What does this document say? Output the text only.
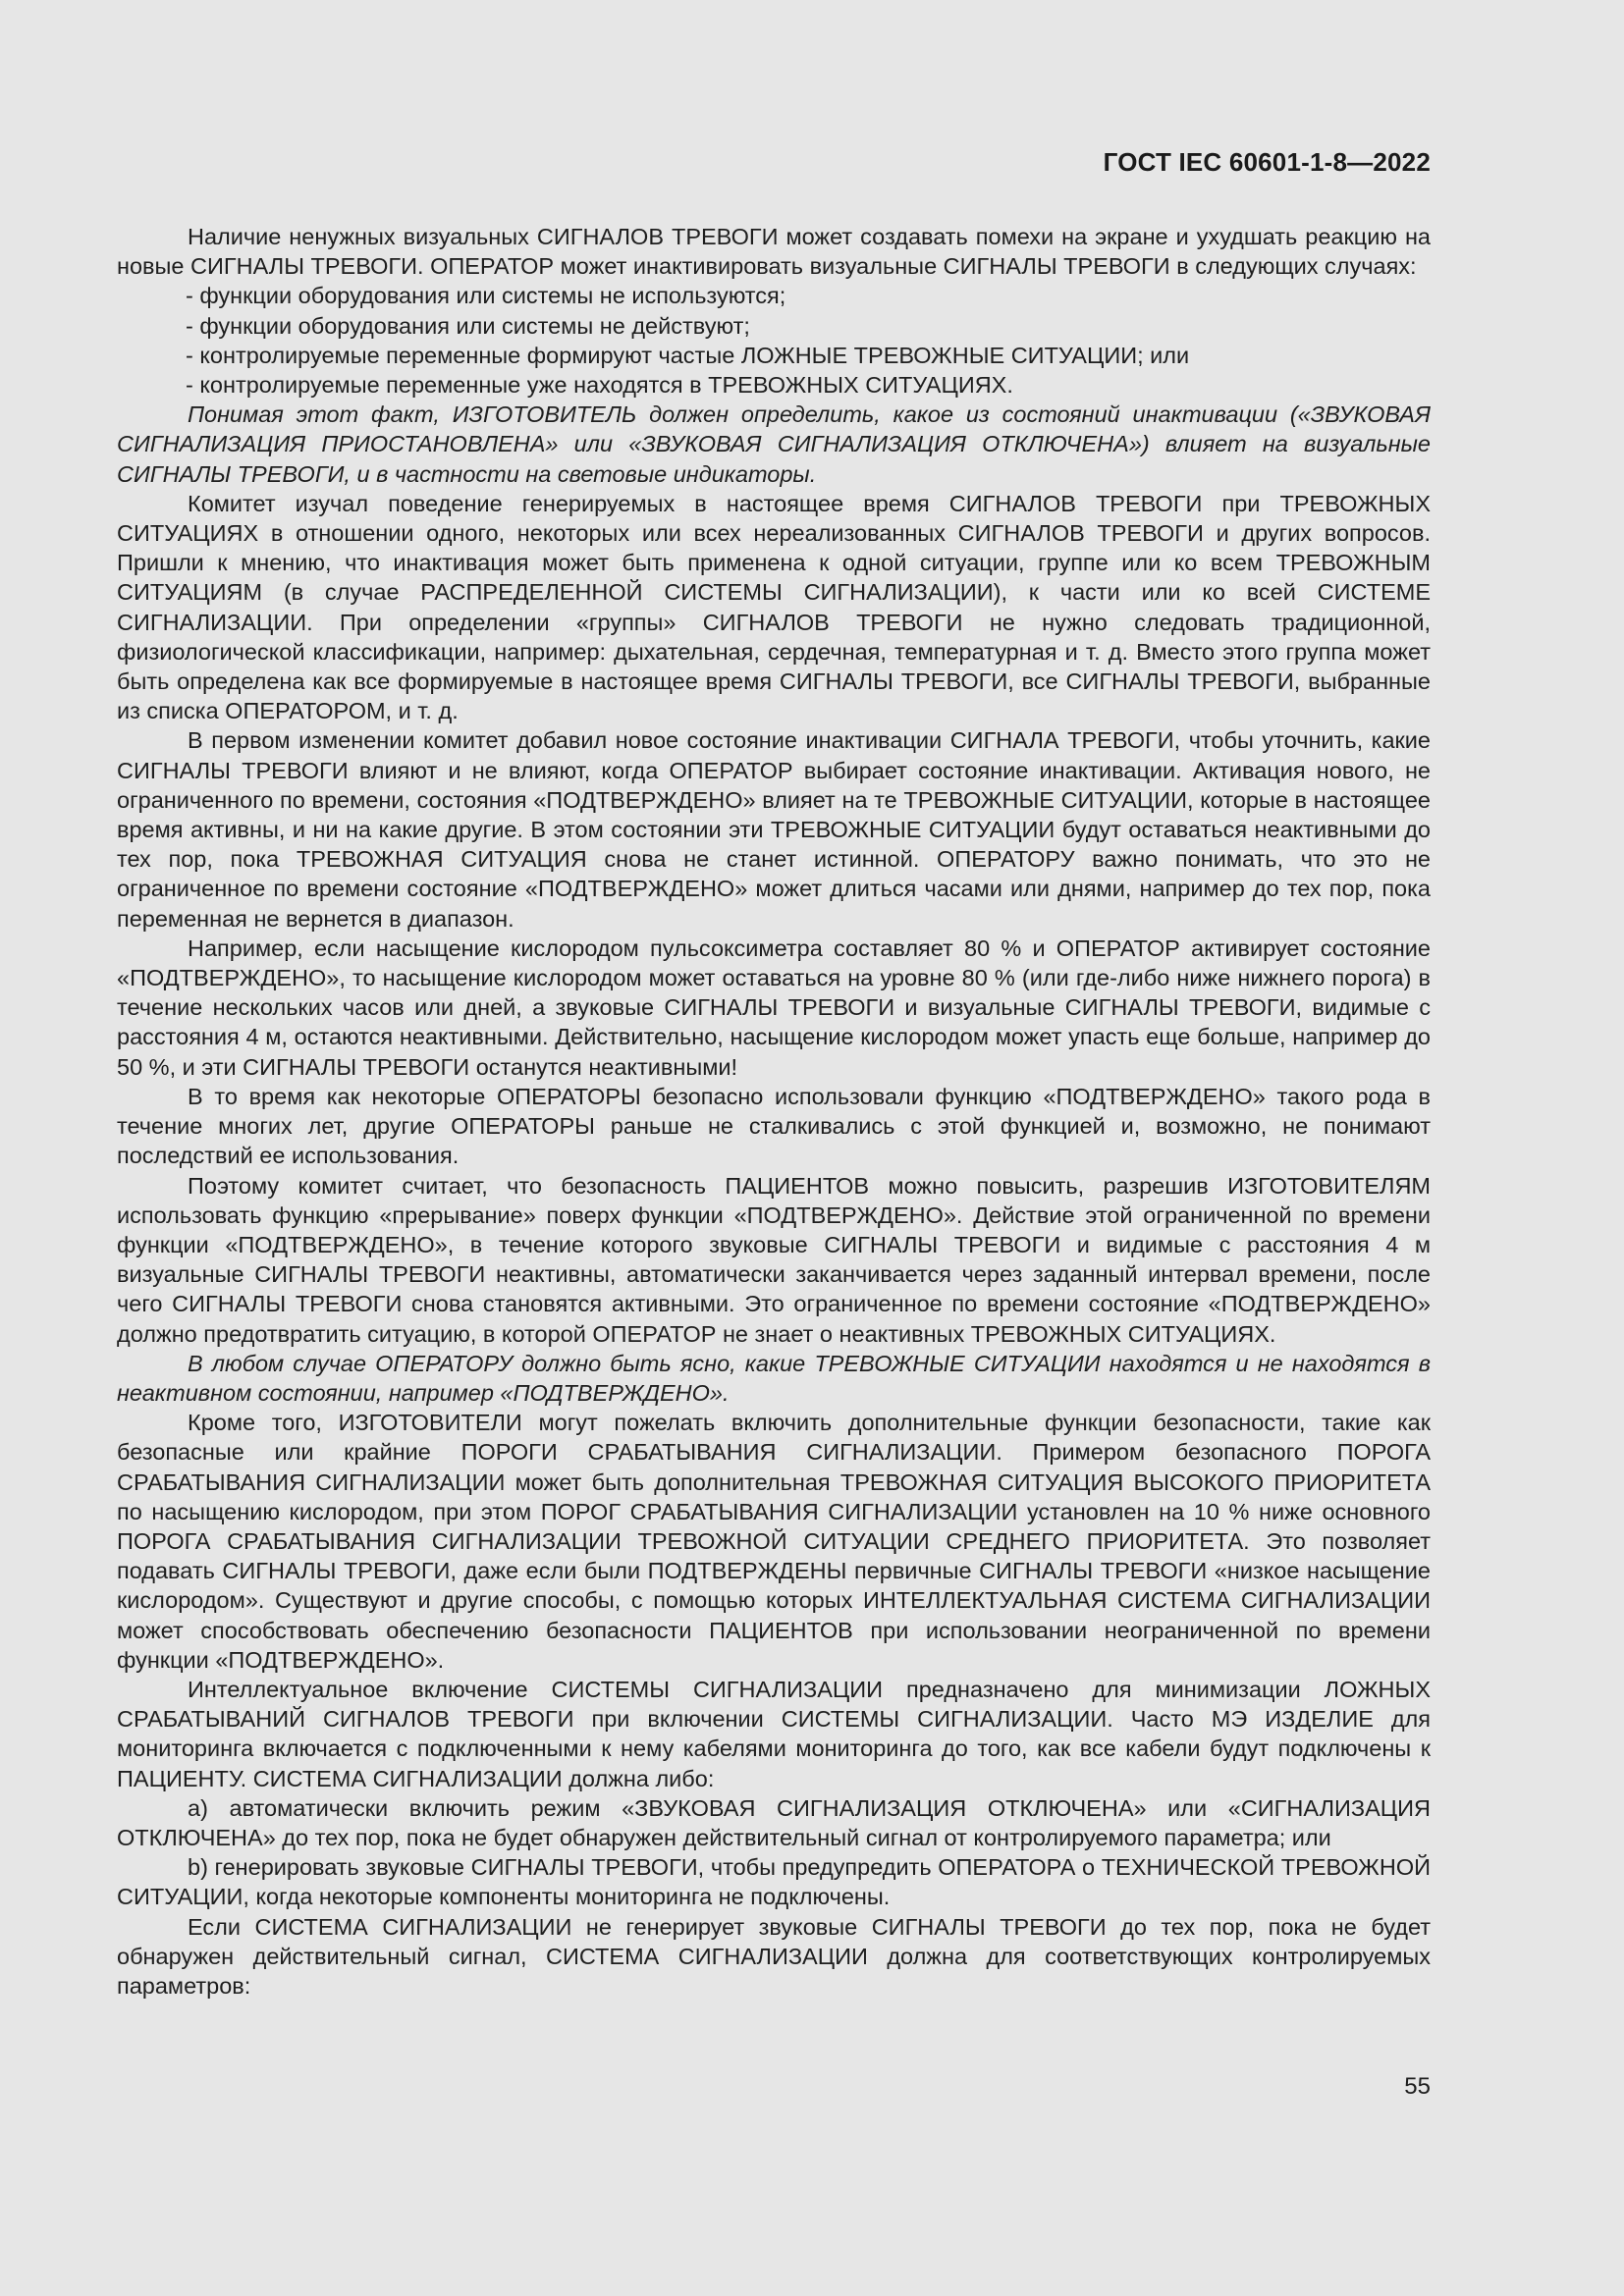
ГОСТ IEC 60601-1-8—2022

Наличие ненужных визуальных СИГНАЛОВ ТРЕВОГИ может создавать помехи на экране и ухудшать реакцию на новые СИГНАЛЫ ТРЕВОГИ. ОПЕРАТОР может инактивировать визуальные СИГНАЛЫ ТРЕВОГИ в следующих случаях:

- функции оборудования или системы не используются;
- функции оборудования или системы не действуют;
- контролируемые переменные формируют частые ЛОЖНЫЕ ТРЕВОЖНЫЕ СИТУАЦИИ; или
- контролируемые переменные уже находятся в ТРЕВОЖНЫХ СИТУАЦИЯХ.

Понимая этот факт, ИЗГОТОВИТЕЛЬ должен определить, какое из состояний инактивации («ЗВУКОВАЯ СИГНАЛИЗАЦИЯ ПРИОСТАНОВЛЕНА» или «ЗВУКОВАЯ СИГНАЛИЗАЦИЯ ОТКЛЮЧЕНА») влияет на визуальные СИГНАЛЫ ТРЕВОГИ, и в частности на световые индикаторы.

Комитет изучал поведение генерируемых в настоящее время СИГНАЛОВ ТРЕВОГИ при ТРЕВОЖНЫХ СИТУАЦИЯХ в отношении одного, некоторых или всех нереализованных СИГНАЛОВ ТРЕВОГИ и других вопросов. Пришли к мнению, что инактивация может быть применена к одной ситуации, группе или ко всем ТРЕВОЖНЫМ СИТУАЦИЯМ (в случае РАСПРЕДЕЛЕННОЙ СИСТЕМЫ СИГНАЛИЗАЦИИ), к части или ко всей СИСТЕМЕ СИГНАЛИЗАЦИИ. При определении «группы» СИГНАЛОВ ТРЕВОГИ не нужно следовать традиционной, физиологической классификации, например: дыхательная, сердечная, температурная и т. д. Вместо этого группа может быть определена как все формируемые в настоящее время СИГНАЛЫ ТРЕВОГИ, все СИГНАЛЫ ТРЕВОГИ, выбранные из списка ОПЕРАТОРОМ, и т. д.

В первом изменении комитет добавил новое состояние инактивации СИГНАЛА ТРЕВОГИ, чтобы уточнить, какие СИГНАЛЫ ТРЕВОГИ влияют и не влияют, когда ОПЕРАТОР выбирает состояние инактивации. Активация нового, не ограниченного по времени, состояния «ПОДТВЕРЖДЕНО» влияет на те ТРЕВОЖНЫЕ СИТУАЦИИ, которые в настоящее время активны, и ни на какие другие. В этом состоянии эти ТРЕВОЖНЫЕ СИТУАЦИИ будут оставаться неактивными до тех пор, пока ТРЕВОЖНАЯ СИТУАЦИЯ снова не станет истинной. ОПЕРАТОРУ важно понимать, что это не ограниченное по времени состояние «ПОДТВЕРЖДЕНО» может длиться часами или днями, например до тех пор, пока переменная не вернется в диапазон.

Например, если насыщение кислородом пульсоксиметра составляет 80 % и ОПЕРАТОР активирует состояние «ПОДТВЕРЖДЕНО», то насыщение кислородом может оставаться на уровне 80 % (или где-либо ниже нижнего порога) в течение нескольких часов или дней, а звуковые СИГНАЛЫ ТРЕВОГИ и визуальные СИГНАЛЫ ТРЕВОГИ, видимые с расстояния 4 м, остаются неактивными. Действительно, насыщение кислородом может упасть еще больше, например до 50 %, и эти СИГНАЛЫ ТРЕВОГИ останутся неактивными!

В то время как некоторые ОПЕРАТОРЫ безопасно использовали функцию «ПОДТВЕРЖДЕНО» такого рода в течение многих лет, другие ОПЕРАТОРЫ раньше не сталкивались с этой функцией и, возможно, не понимают последствий ее использования.

Поэтому комитет считает, что безопасность ПАЦИЕНТОВ можно повысить, разрешив ИЗГОТОВИТЕЛЯМ использовать функцию «прерывание» поверх функции «ПОДТВЕРЖДЕНО». Действие этой ограниченной по времени функции «ПОДТВЕРЖДЕНО», в течение которого звуковые СИГНАЛЫ ТРЕВОГИ и видимые с расстояния 4 м визуальные СИГНАЛЫ ТРЕВОГИ неактивны, автоматически заканчивается через заданный интервал времени, после чего СИГНАЛЫ ТРЕВОГИ снова становятся активными. Это ограниченное по времени состояние «ПОДТВЕРЖДЕНО» должно предотвратить ситуацию, в которой ОПЕРАТОР не знает о неактивных ТРЕВОЖНЫХ СИТУАЦИЯХ.

В любом случае ОПЕРАТОРУ должно быть ясно, какие ТРЕВОЖНЫЕ СИТУАЦИИ находятся и не находятся в неактивном состоянии, например «ПОДТВЕРЖДЕНО».

Кроме того, ИЗГОТОВИТЕЛИ могут пожелать включить дополнительные функции безопасности, такие как безопасные или крайние ПОРОГИ СРАБАТЫВАНИЯ СИГНАЛИЗАЦИИ. Примером безопасного ПОРОГА СРАБАТЫВАНИЯ СИГНАЛИЗАЦИИ может быть дополнительная ТРЕВОЖНАЯ СИТУАЦИЯ ВЫСОКОГО ПРИОРИТЕТА по насыщению кислородом, при этом ПОРОГ СРАБАТЫВАНИЯ СИГНАЛИЗАЦИИ установлен на 10 % ниже основного ПОРОГА СРАБАТЫВАНИЯ СИГНАЛИЗАЦИИ ТРЕВОЖНОЙ СИТУАЦИИ СРЕДНЕГО ПРИОРИТЕТА. Это позволяет подавать СИГНАЛЫ ТРЕВОГИ, даже если были ПОДТВЕРЖДЕНЫ первичные СИГНАЛЫ ТРЕВОГИ «низкое насыщение кислородом». Существуют и другие способы, с помощью которых ИНТЕЛЛЕКТУАЛЬНАЯ СИСТЕМА СИГНАЛИЗАЦИИ может способствовать обеспечению безопасности ПАЦИЕНТОВ при использовании неограниченной по времени функции «ПОДТВЕРЖДЕНО».

Интеллектуальное включение СИСТЕМЫ СИГНАЛИЗАЦИИ предназначено для минимизации ЛОЖНЫХ СРАБАТЫВАНИЙ СИГНАЛОВ ТРЕВОГИ при включении СИСТЕМЫ СИГНАЛИЗАЦИИ. Часто МЭ ИЗДЕЛИЕ для мониторинга включается с подключенными к нему кабелями мониторинга до того, как все кабели будут подключены к ПАЦИЕНТУ. СИСТЕМА СИГНАЛИЗАЦИИ должна либо:

a) автоматически включить режим «ЗВУКОВАЯ СИГНАЛИЗАЦИЯ ОТКЛЮЧЕНА» или «СИГНАЛИЗАЦИЯ ОТКЛЮЧЕНА» до тех пор, пока не будет обнаружен действительный сигнал от контролируемого параметра; или

b) генерировать звуковые СИГНАЛЫ ТРЕВОГИ, чтобы предупредить ОПЕРАТОРА о ТЕХНИЧЕСКОЙ ТРЕВОЖНОЙ СИТУАЦИИ, когда некоторые компоненты мониторинга не подключены.

Если СИСТЕМА СИГНАЛИЗАЦИИ не генерирует звуковые СИГНАЛЫ ТРЕВОГИ до тех пор, пока не будет обнаружен действительный сигнал, СИСТЕМА СИГНАЛИЗАЦИИ должна для соответствующих контролируемых параметров:

55
